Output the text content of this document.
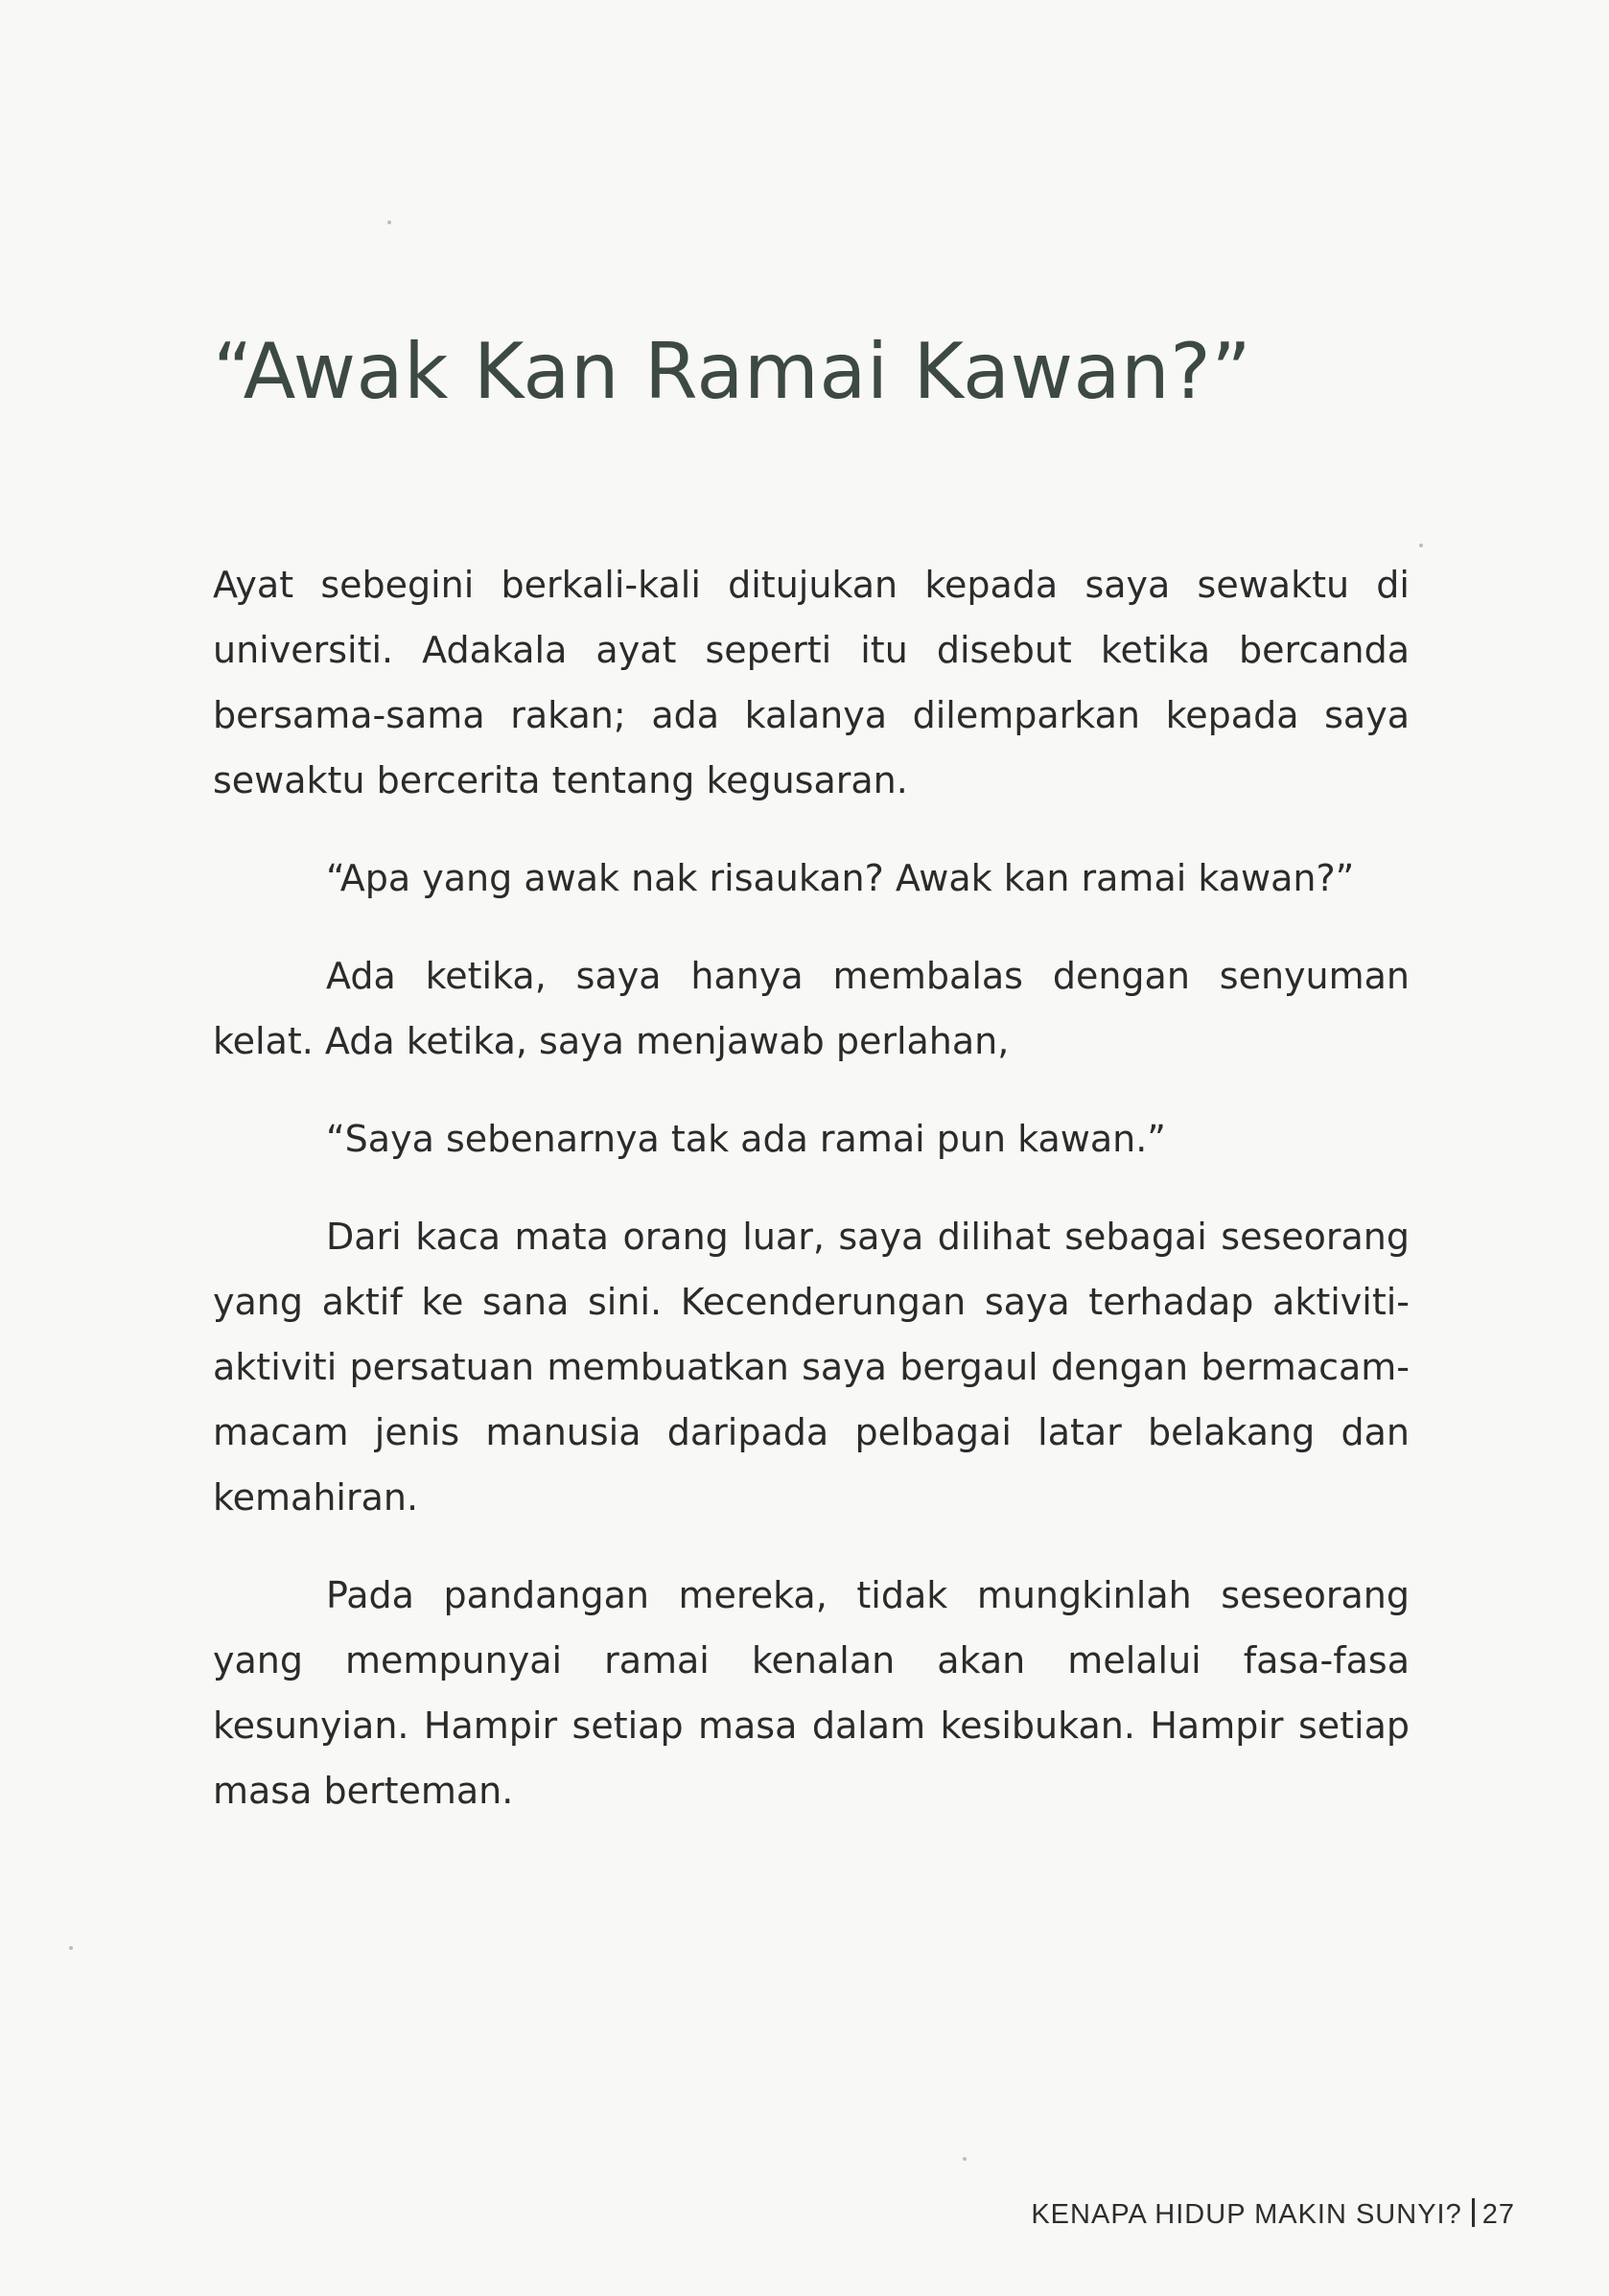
“Awak Kan Ramai Kawan?”

Ayat sebegini berkali-kali ditujukan kepada saya sewaktu di universiti. Adakala ayat seperti itu disebut ketika bercanda bersama-sama rakan; ada kalanya dilemparkan kepada saya sewaktu bercerita tentang kegusaran.

“Apa yang awak nak risaukan? Awak kan ramai kawan?”

Ada ketika, saya hanya membalas dengan senyuman kelat. Ada ketika, saya menjawab perlahan,

“Saya sebenarnya tak ada ramai pun kawan.”

Dari kaca mata orang luar, saya dilihat sebagai seseorang yang aktif ke sana sini. Kecenderungan saya terhadap aktiviti-aktiviti persatuan membuatkan saya bergaul dengan bermacam-macam jenis manusia daripada pelbagai latar belakang dan kemahiran.

Pada pandangan mereka, tidak mungkinlah seseorang yang mempunyai ramai kenalan akan melalui fasa-fasa kesunyian. Hampir setiap masa dalam kesibukan. Hampir setiap masa berteman.

KENAPA HIDUP MAKIN SUNYI? 27
